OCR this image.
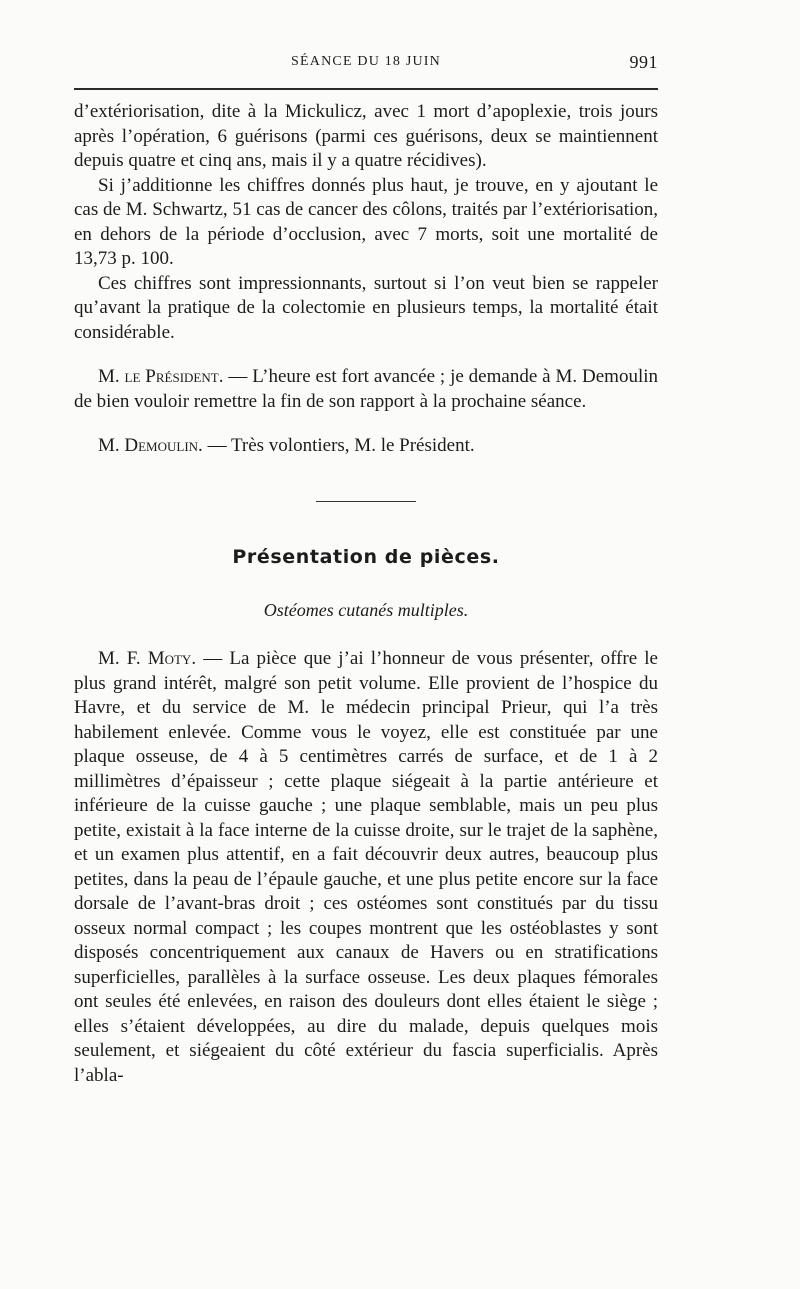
SÉANCE DU 18 JUIN	991

d’extériorisation, dite à la Mickulicz, avec 1 mort d’apoplexie, trois jours après l’opération, 6 guérisons (parmi ces guérisons, deux se maintiennent depuis quatre et cinq ans, mais il y a quatre récidives).

Si j’additionne les chiffres donnés plus haut, je trouve, en y ajoutant le cas de M. Schwartz, 51 cas de cancer des côlons, traités par l’extériorisation, en dehors de la période d’occlusion, avec 7 morts, soit une mortalité de 13,73 p. 100.

Ces chiffres sont impressionnants, surtout si l’on veut bien se rappeler qu’avant la pratique de la colectomie en plusieurs temps, la mortalité était considérable.

M. le Président. — L’heure est fort avancée ; je demande à M. Demoulin de bien vouloir remettre la fin de son rapport à la prochaine séance.

M. Demoulin. — Très volontiers, M. le Président.

Présentation de pièces.
Ostéomes cutanés multiples.

M. F. Moty. — La pièce que j’ai l’honneur de vous présenter, offre le plus grand intérêt, malgré son petit volume. Elle provient de l’hospice du Havre, et du service de M. le médecin principal Prieur, qui l’a très habilement enlevée. Comme vous le voyez, elle est constituée par une plaque osseuse, de 4 à 5 centimètres carrés de surface, et de 1 à 2 millimètres d’épaisseur ; cette plaque siégeait à la partie antérieure et inférieure de la cuisse gauche ; une plaque semblable, mais un peu plus petite, existait à la face interne de la cuisse droite, sur le trajet de la saphène, et un examen plus attentif, en a fait découvrir deux autres, beaucoup plus petites, dans la peau de l’épaule gauche, et une plus petite encore sur la face dorsale de l’avant-bras droit ; ces ostéomes sont constitués par du tissu osseux normal compact ; les coupes montrent que les ostéoblastes y sont disposés concentriquement aux canaux de Havers ou en stratifications superficielles, parallèles à la surface osseuse. Les deux plaques fémorales ont seules été enlevées, en raison des douleurs dont elles étaient le siège ; elles s’étaient développées, au dire du malade, depuis quelques mois seulement, et siégeaient du côté extérieur du fascia superficialis. Après l’abla-
